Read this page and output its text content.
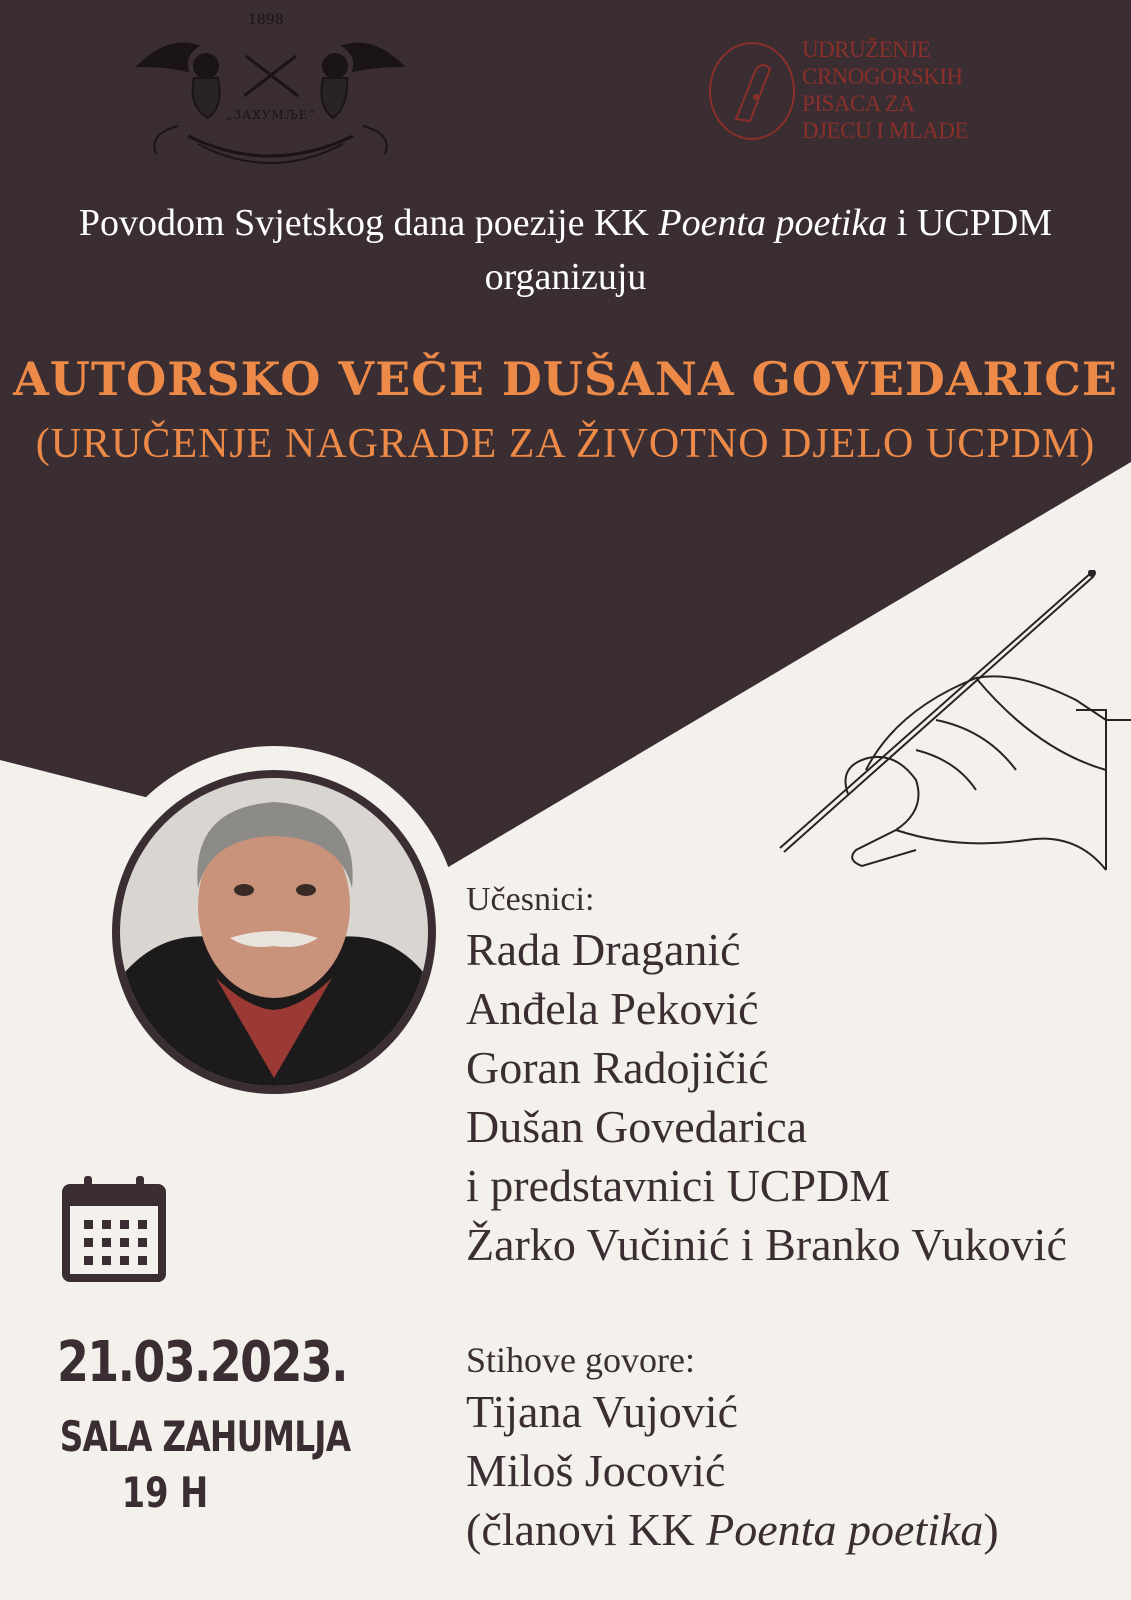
1898
„ЗАХУМЉЕ“
UDRUŽENJE
CRNOGORSKIH
PISACA ZA
DJECU I MLADE
Povodom Svjetskog dana poezije KK Poenta poetika i UCPDM
organizuju
AUTORSKO VEČE DUŠANA GOVEDARICE
(URUČENJE NAGRADE ZA ŽIVOTNO DJELO UCPDM)
Učesnici:
Rada Draganić
Anđela Peković
Goran Radojičić
Dušan Govedarica
i predstavnici UCPDM
Žarko Vučinić i Branko Vuković
21.03.2023.
SALA ZAHUMLJA
19 H
Stihove govore:
Tijana Vujović
Miloš Jocović
(članovi KK Poenta poetika)
